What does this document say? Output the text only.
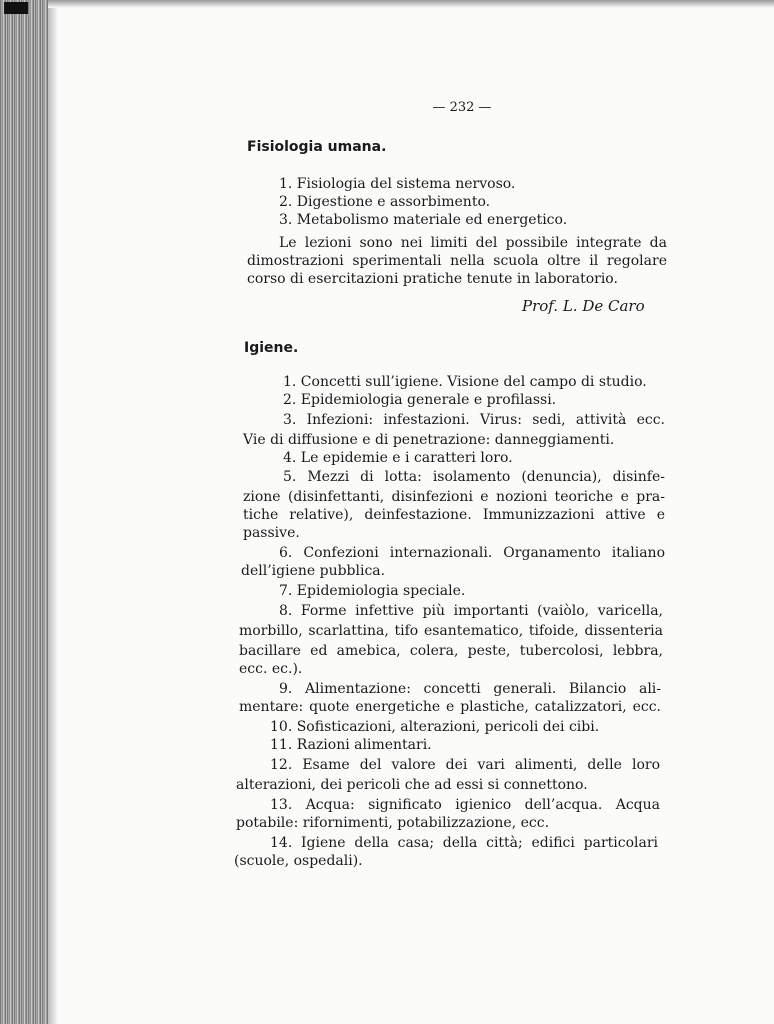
— 232 —
Fisiologia umana.
1. Fisiologia del sistema nervoso.
2. Digestione e assorbimento.
3. Metabolismo materiale ed energetico.
Le lezioni sono nei limiti del possibile integrate da
dimostrazioni sperimentali nella scuola oltre il regolare
corso di esercitazioni pratiche tenute in laboratorio.
Prof. L. De Caro
Igiene.
1. Concetti sull’igiene. Visione del campo di studio.
2. Epidemiologia generale e profilassi.
3. Infezioni: infestazioni. Virus: sedi, attività ecc.
Vie di diffusione e di penetrazione: danneggiamenti.
4. Le epidemie e i caratteri loro.
5. Mezzi di lotta: isolamento (denuncia), disinfe-
zione (disinfettanti, disinfezioni e nozioni teoriche e pra-
tiche relative), deinfestazione. Immunizzazioni attive e
passive.
6. Confezioni internazionali. Organamento italiano
dell’igiene pubblica.
7. Epidemiologia speciale.
8. Forme infettive più importanti (vaiòlo, varicella,
morbillo, scarlattina, tifo esantematico, tifoide, dissenteria
bacillare ed amebica, colera, peste, tubercolosi, lebbra,
ecc. ec.).
9. Alimentazione: concetti generali. Bilancio ali-
mentare: quote energetiche e plastiche, catalizzatori, ecc.
10. Sofisticazioni, alterazioni, pericoli dei cibi.
11. Razioni alimentari.
12. Esame del valore dei vari alimenti, delle loro
alterazioni, dei pericoli che ad essi si connettono.
13. Acqua: significato igienico dell’acqua. Acqua
potabile: rifornimenti, potabilizzazione, ecc.
14. Igiene della casa; della città; edifici particolari
(scuole, ospedali).
